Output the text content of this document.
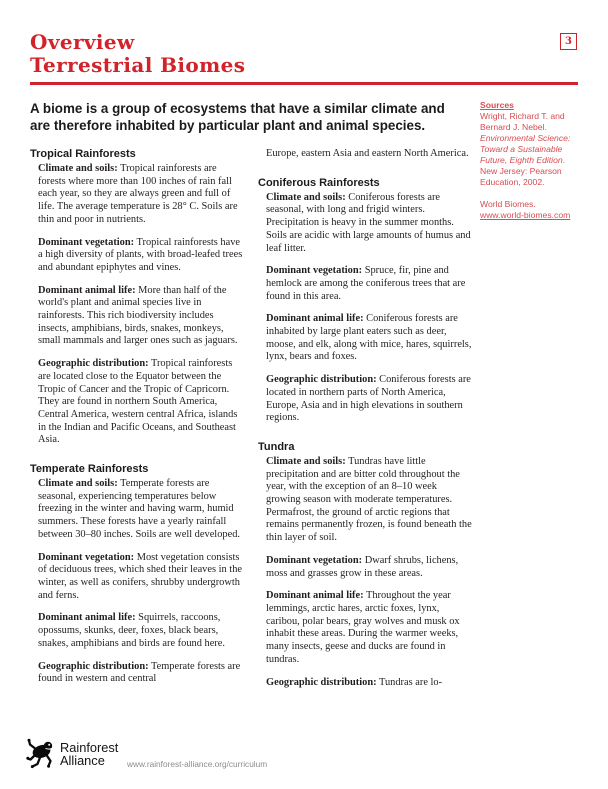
Overview
Terrestrial Biomes
3

A biome is a group of ecosystems that have a similar climate and
are therefore inhabited by particular plant and animal species.

Sources

Wright, Richard T. and Bernard J. Nebel. Environmental Science: Toward a Sustainable Future, Eighth Edition. New Jersey: Pearson Education, 2002.

World Biomes. www.world-biomes.com

Tropical Rainforests

Climate and soils: Tropical rainforests are forests where more than 100 inches of rain fall each year, so they are always green and full of life. The average temperature is 28° C. Soils are thin and poor in nutrients.

Dominant vegetation: Tropical rainforests have a high diversity of plants, with broad-leafed trees and abundant epiphytes and vines.

Dominant animal life: More than half of the world's plant and animal species live in rainforests. This rich biodiversity includes insects, amphibians, birds, snakes, monkeys, small mammals and larger ones such as jaguars.

Geographic distribution: Tropical rainforests are located close to the Equator between the Tropic of Cancer and the Tropic of Capricorn. They are found in northern South America, Central America, western central Africa, islands in the Indian and Pacific Oceans, and Southeast Asia.

Temperate Rainforests

Climate and soils: Temperate forests are seasonal, experiencing temperatures below freezing in the winter and having warm, humid summers. These forests have a yearly rainfall between 30–80 inches. Soils are well developed.

Dominant vegetation: Most vegetation consists of deciduous trees, which shed their leaves in the winter, as well as conifers, shrubby undergrowth and ferns.

Dominant animal life: Squirrels, raccoons, opossums, skunks, deer, foxes, black bears, snakes, amphibians and birds are found here.

Geographic distribution: Temperate forests are found in western and central

Europe, eastern Asia and eastern North America.

Coniferous Rainforests

Climate and soils: Coniferous forests are seasonal, with long and frigid winters. Precipitation is heavy in the summer months. Soils are acidic with large amounts of humus and leaf litter.

Dominant vegetation: Spruce, fir, pine and hemlock are among the coniferous trees that are found in this area.

Dominant animal life: Coniferous forests are inhabited by large plant eaters such as deer, moose, and elk, along with mice, hares, squirrels, lynx, bears and foxes.

Geographic distribution: Coniferous forests are located in northern parts of North America, Europe, Asia and in high elevations in southern regions.

Tundra

Climate and soils: Tundras have little precipitation and are bitter cold throughout the year, with the exception of an 8–10 week growing season with moderate temperatures. Permafrost, the ground of arctic regions that remains permanently frozen, is found beneath the thin layer of soil.

Dominant vegetation: Dwarf shrubs, lichens, moss and grasses grow in these areas.

Dominant animal life: Throughout the year lemmings, arctic hares, arctic foxes, lynx, caribou, polar bears, gray wolves and musk ox inhabit these areas. During the warmer weeks, many insects, geese and ducks are found in tundras.

Geographic distribution: Tundras are lo-

Rainforest
Alliance	www.rainforest-alliance.org/curriculum
